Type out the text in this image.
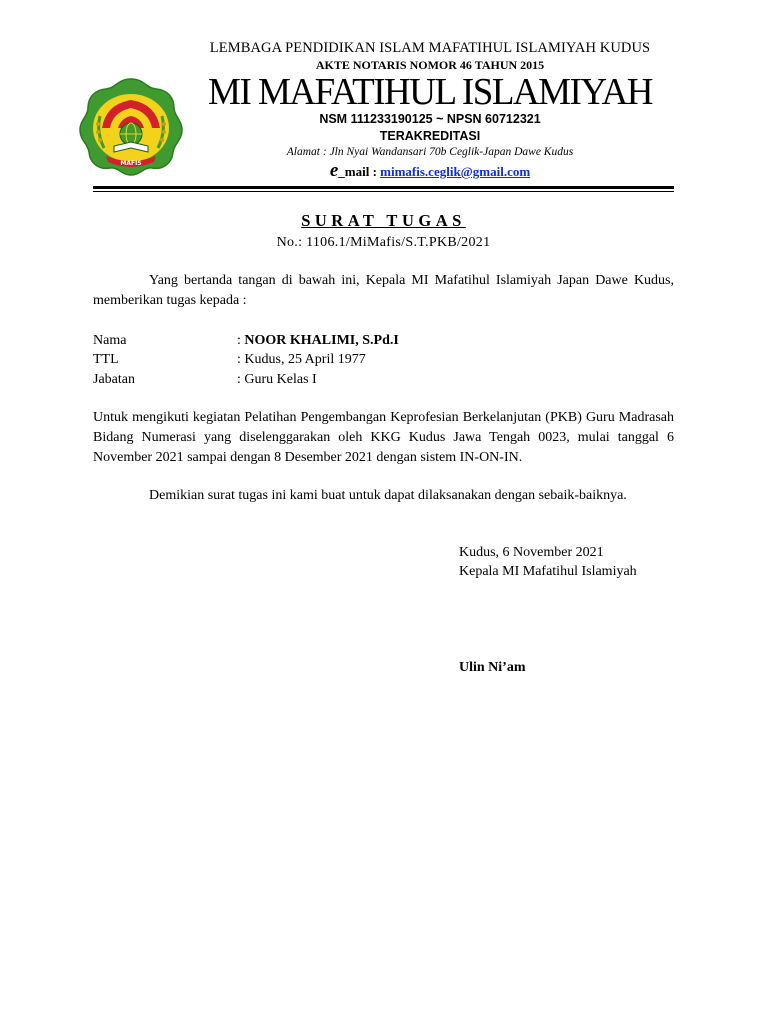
MAFIS
LEMBAGA PENDIDIKAN ISLAM MAFATIHUL ISLAMIYAH KUDUS
AKTE NOTARIS NOMOR 46 TAHUN 2015
MI MAFATIHUL ISLAMIYAH
NSM 111233190125 ~ NPSN 60712321
TERAKREDITASI
Alamat : Jln Nyai Wandansari 70b Ceglik-Japan Dawe Kudus
e_mail : mimafis.ceglik@gmail.com
SURAT TUGAS
No.: 1106.1/MiMafis/S.T.PKB/2021
Yang bertanda tangan di bawah ini, Kepala MI Mafatihul Islamiyah Japan Dawe Kudus, memberikan tugas kepada :
Nama	: NOOR KHALIMI, S.Pd.I
TTL	: Kudus, 25 April 1977
Jabatan	: Guru Kelas I
Untuk mengikuti kegiatan Pelatihan Pengembangan Keprofesian Berkelanjutan (PKB) Guru Madrasah Bidang Numerasi yang diselenggarakan oleh KKG Kudus Jawa Tengah 0023, mulai tanggal 6 November 2021 sampai dengan 8 Desember 2021 dengan sistem IN-ON-IN.
Demikian surat tugas ini kami buat untuk dapat dilaksanakan dengan sebaik-baiknya.
Kudus, 6 November 2021
Kepala MI Mafatihul Islamiyah
Ulin Ni’am
